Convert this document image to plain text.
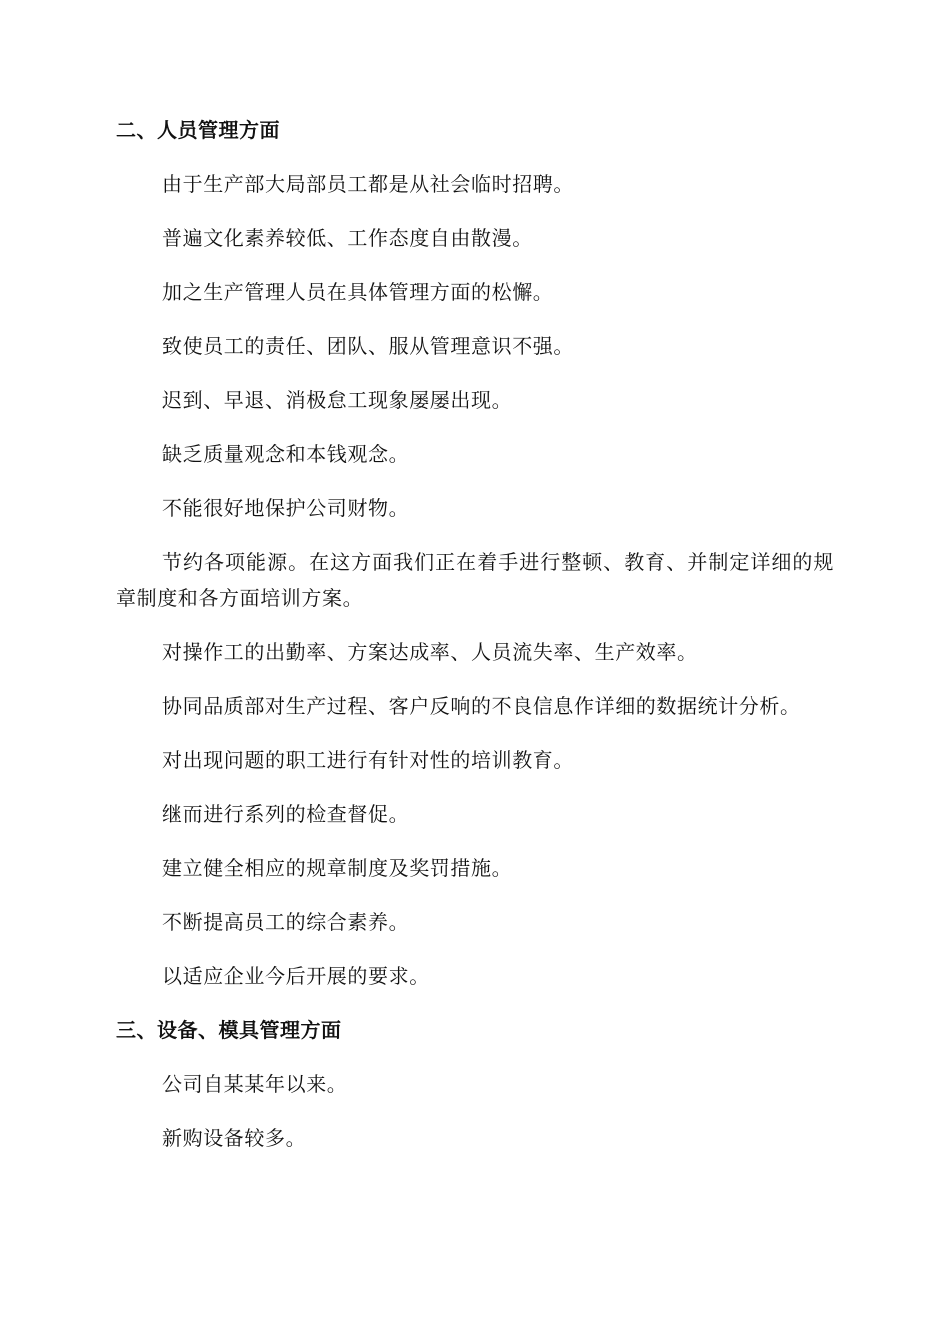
二、人员管理方面

由于生产部大局部员工都是从社会临时招聘。

普遍文化素养较低、工作态度自由散漫。

加之生产管理人员在具体管理方面的松懈。

致使员工的责任、团队、服从管理意识不强。

迟到、早退、消极怠工现象屡屡出现。

缺乏质量观念和本钱观念。

不能很好地保护公司财物。

节约各项能源。在这方面我们正在着手进行整顿、教育、并制定详细的规章制度和各方面培训方案。

对操作工的出勤率、方案达成率、人员流失率、生产效率。

协同品质部对生产过程、客户反响的不良信息作详细的数据统计分析。

对出现问题的职工进行有针对性的培训教育。

继而进行系列的检查督促。

建立健全相应的规章制度及奖罚措施。

不断提高员工的综合素养。

以适应企业今后开展的要求。

三、设备、模具管理方面

公司自某某年以来。

新购设备较多。
